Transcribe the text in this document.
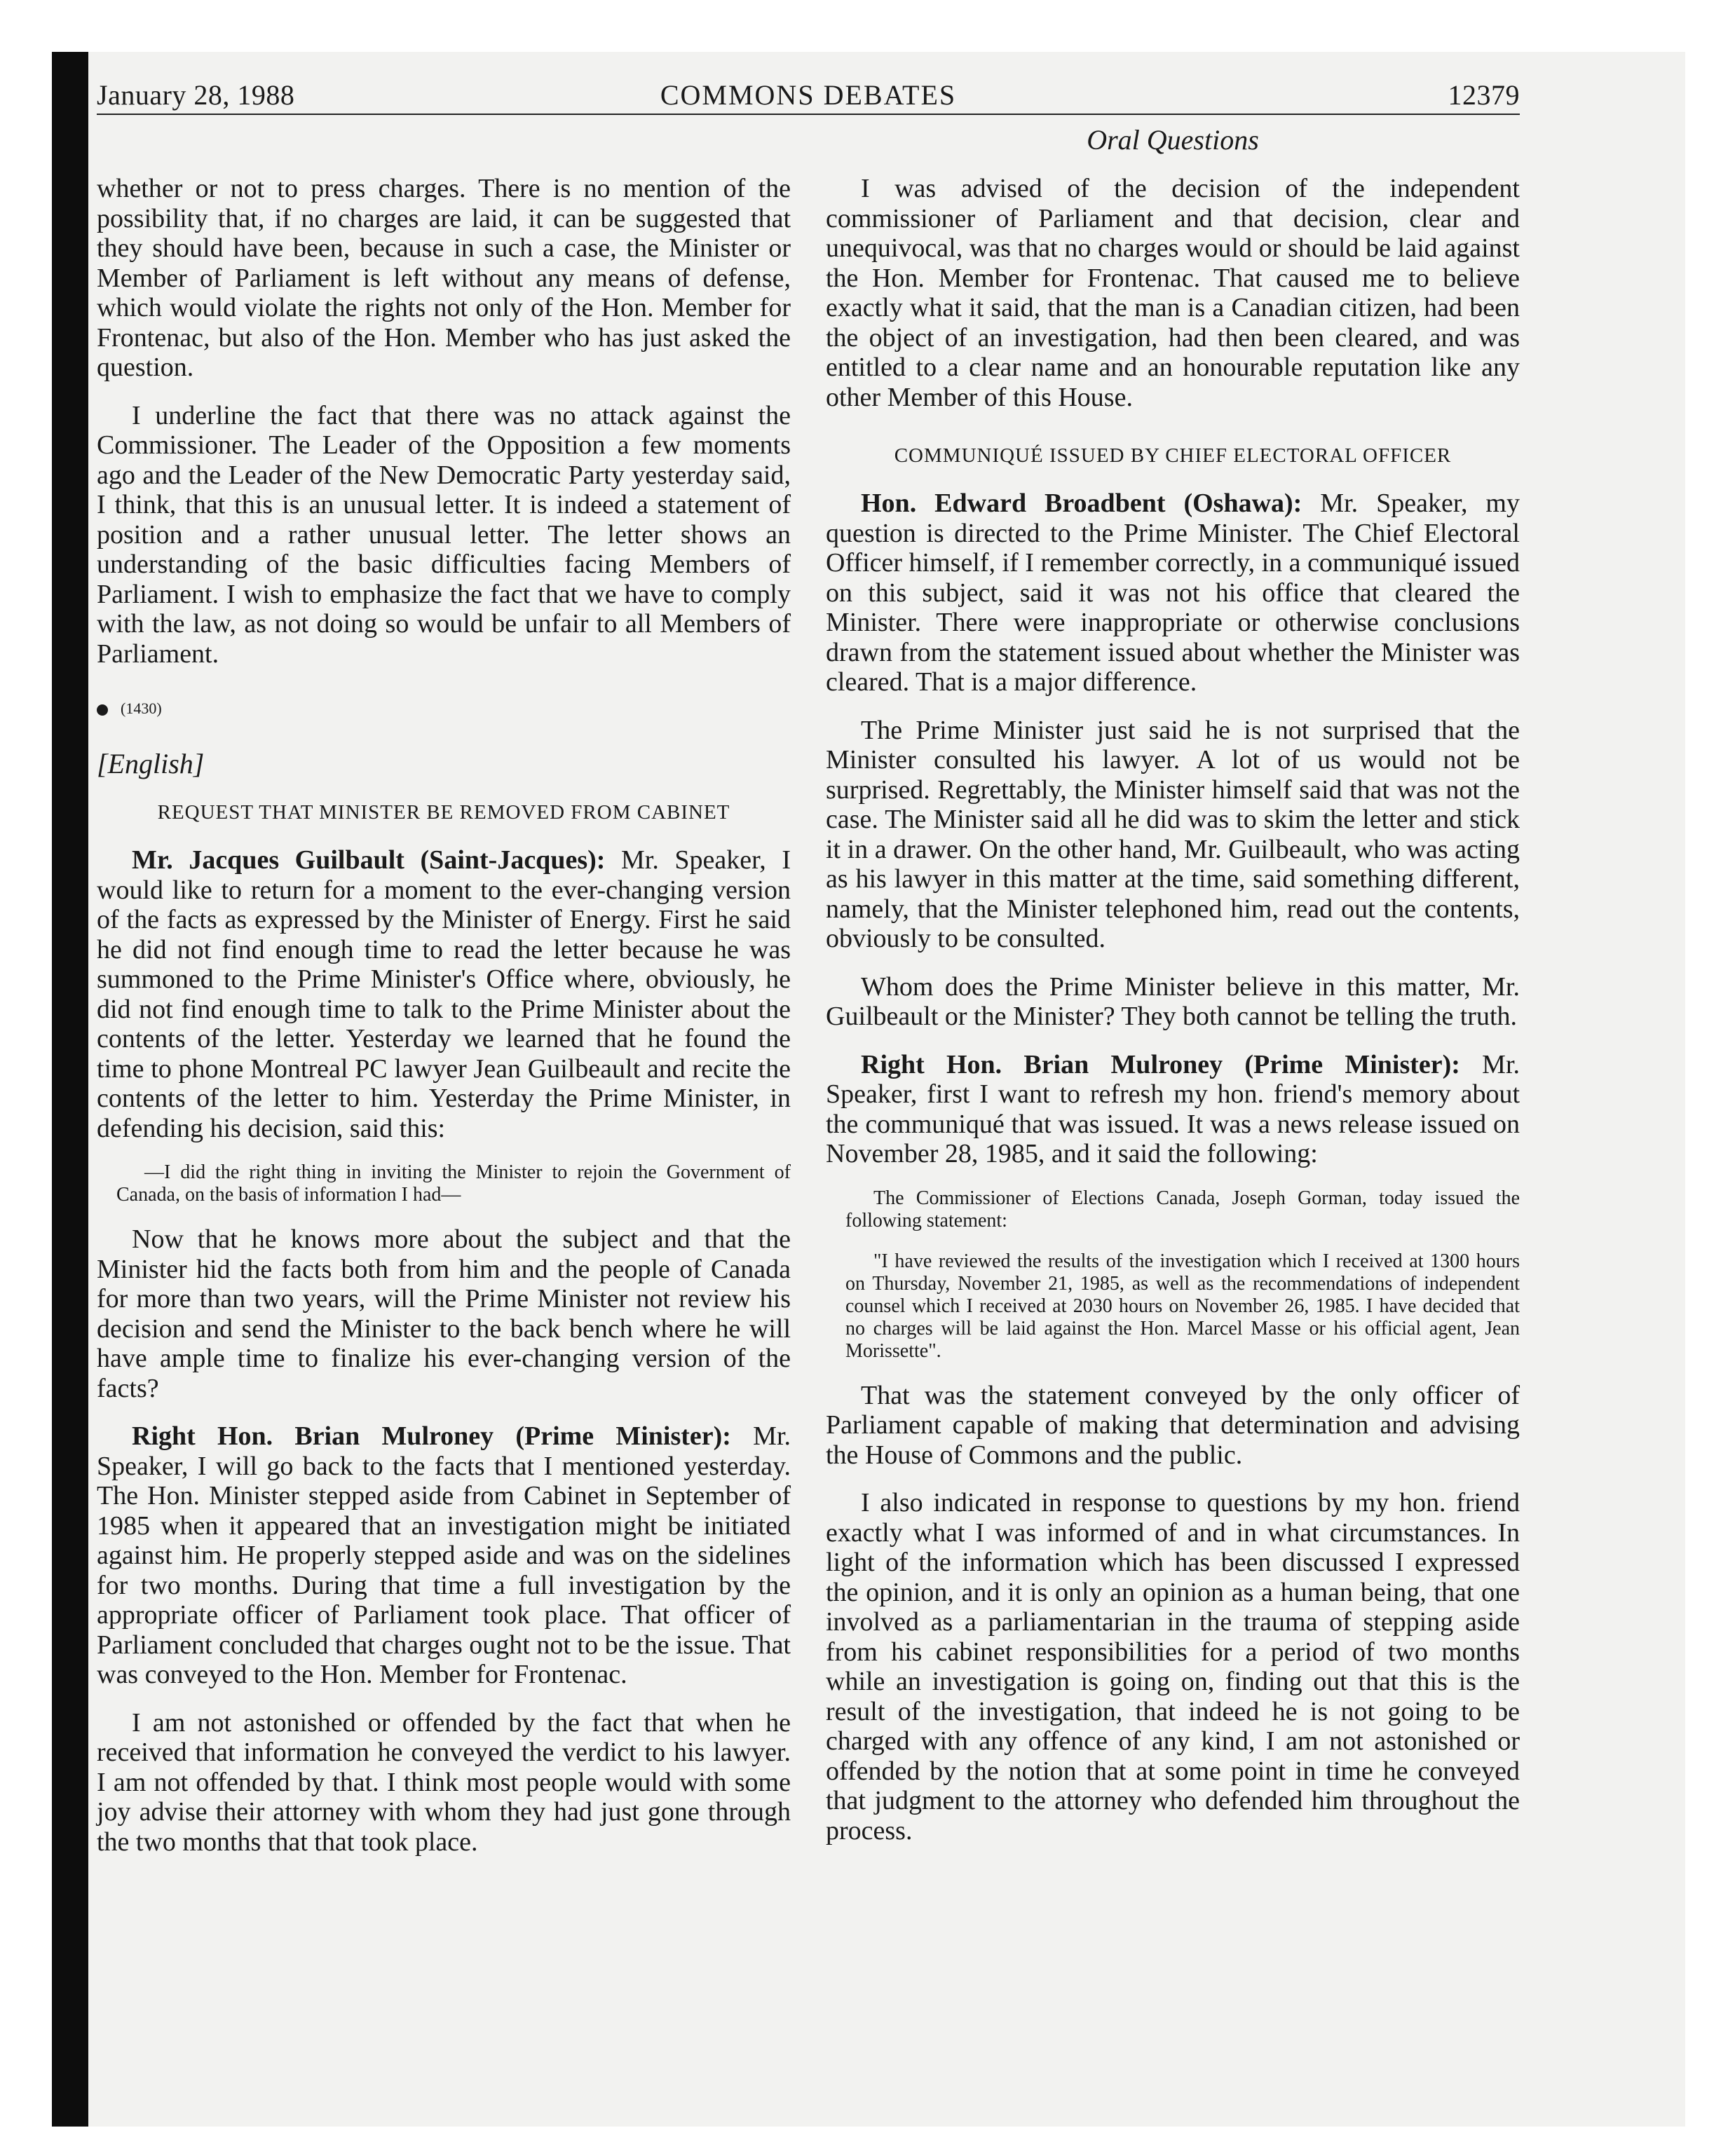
January 28, 1988	COMMONS DEBATES	12379
Oral Questions

whether or not to press charges. There is no mention of the possibility that, if no charges are laid, it can be suggested that they should have been, because in such a case, the Minister or Member of Parliament is left without any means of defense, which would violate the rights not only of the Hon. Member for Frontenac, but also of the Hon. Member who has just asked the question.

I underline the fact that there was no attack against the Commissioner. The Leader of the Opposition a few moments ago and the Leader of the New Democratic Party yesterday said, I think, that this is an unusual letter. It is indeed a statement of position and a rather unusual letter. The letter shows an understanding of the basic difficulties facing Members of Parliament. I wish to emphasize the fact that we have to comply with the law, as not doing so would be unfair to all Members of Parliament.

(1430)
[English]
REQUEST THAT MINISTER BE REMOVED FROM CABINET

Mr. Jacques Guilbault (Saint-Jacques): Mr. Speaker, I would like to return for a moment to the ever-changing version of the facts as expressed by the Minister of Energy. First he said he did not find enough time to read the letter because he was summoned to the Prime Minister's Office where, obviously, he did not find enough time to talk to the Prime Minister about the contents of the letter. Yesterday we learned that he found the time to phone Montreal PC lawyer Jean Guilbeault and recite the contents of the letter to him. Yesterday the Prime Minister, in defending his decision, said this:

—I did the right thing in inviting the Minister to rejoin the Government of Canada, on the basis of information I had—

Now that he knows more about the subject and that the Minister hid the facts both from him and the people of Canada for more than two years, will the Prime Minister not review his decision and send the Minister to the back bench where he will have ample time to finalize his ever-changing version of the facts?

Right Hon. Brian Mulroney (Prime Minister): Mr. Speaker, I will go back to the facts that I mentioned yesterday. The Hon. Minister stepped aside from Cabinet in September of 1985 when it appeared that an investigation might be initiated against him. He properly stepped aside and was on the sidelines for two months. During that time a full investigation by the appropriate officer of Parliament took place. That officer of Parliament concluded that charges ought not to be the issue. That was conveyed to the Hon. Member for Frontenac.

I am not astonished or offended by the fact that when he received that information he conveyed the verdict to his lawyer. I am not offended by that. I think most people would with some joy advise their attorney with whom they had just gone through the two months that that took place.

I was advised of the decision of the independent commissioner of Parliament and that decision, clear and unequivocal, was that no charges would or should be laid against the Hon. Member for Frontenac. That caused me to believe exactly what it said, that the man is a Canadian citizen, had been the object of an investigation, had then been cleared, and was entitled to a clear name and an honourable reputation like any other Member of this House.

COMMUNIQUÉ ISSUED BY CHIEF ELECTORAL OFFICER

Hon. Edward Broadbent (Oshawa): Mr. Speaker, my question is directed to the Prime Minister. The Chief Electoral Officer himself, if I remember correctly, in a communiqué issued on this subject, said it was not his office that cleared the Minister. There were inappropriate or otherwise conclusions drawn from the statement issued about whether the Minister was cleared. That is a major difference.

The Prime Minister just said he is not surprised that the Minister consulted his lawyer. A lot of us would not be surprised. Regrettably, the Minister himself said that was not the case. The Minister said all he did was to skim the letter and stick it in a drawer. On the other hand, Mr. Guilbeault, who was acting as his lawyer in this matter at the time, said something different, namely, that the Minister telephoned him, read out the contents, obviously to be consulted.

Whom does the Prime Minister believe in this matter, Mr. Guilbeault or the Minister? They both cannot be telling the truth.

Right Hon. Brian Mulroney (Prime Minister): Mr. Speaker, first I want to refresh my hon. friend's memory about the communiqué that was issued. It was a news release issued on November 28, 1985, and it said the following:

The Commissioner of Elections Canada, Joseph Gorman, today issued the following statement:
"I have reviewed the results of the investigation which I received at 1300 hours on Thursday, November 21, 1985, as well as the recommendations of independent counsel which I received at 2030 hours on November 26, 1985. I have decided that no charges will be laid against the Hon. Marcel Masse or his official agent, Jean Morissette".

That was the statement conveyed by the only officer of Parliament capable of making that determination and advising the House of Commons and the public.

I also indicated in response to questions by my hon. friend exactly what I was informed of and in what circumstances. In light of the information which has been discussed I expressed the opinion, and it is only an opinion as a human being, that one involved as a parliamentarian in the trauma of stepping aside from his cabinet responsibilities for a period of two months while an investigation is going on, finding out that this is the result of the investigation, that indeed he is not going to be charged with any offence of any kind, I am not astonished or offended by the notion that at some point in time he conveyed that judgment to the attorney who defended him throughout the process.
